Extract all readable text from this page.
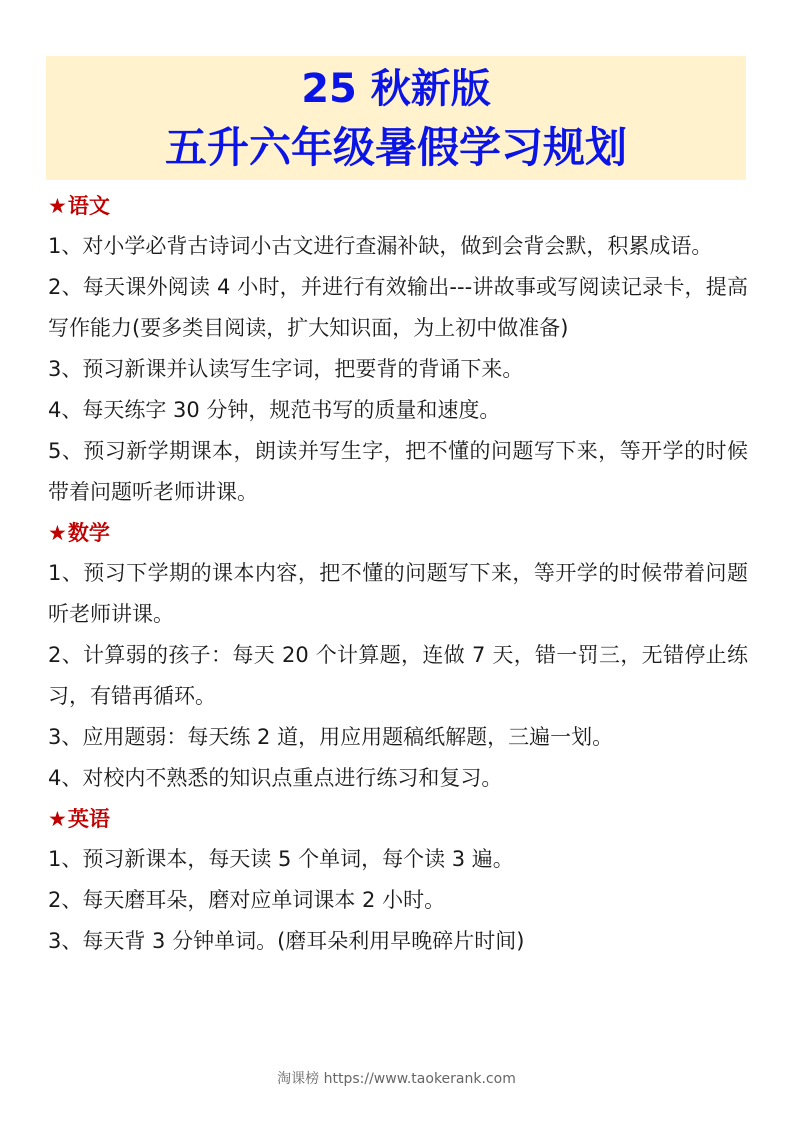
25 秋新版
五升六年级暑假学习规划
★语文
1、对小学必背古诗词小古文进行查漏补缺，做到会背会默，积累成语。
2、每天课外阅读 4 小时，并进行有效输出---讲故事或写阅读记录卡，提高写作能力(要多类目阅读，扩大知识面，为上初中做准备)
3、预习新课并认读写生字词，把要背的背诵下来。
4、每天练字 30 分钟，规范书写的质量和速度。
5、预习新学期课本，朗读并写生字，把不懂的问题写下来，等开学的时候带着问题听老师讲课。
★数学
1、预习下学期的课本内容，把不懂的问题写下来，等开学的时候带着问题听老师讲课。
2、计算弱的孩子：每天 20 个计算题，连做 7 天，错一罚三，无错停止练习，有错再循环。
3、应用题弱：每天练 2 道，用应用题稿纸解题，三遍一划。
4、对校内不熟悉的知识点重点进行练习和复习。
★英语
1、预习新课本，每天读 5 个单词，每个读 3 遍。
2、每天磨耳朵，磨对应单词课本 2 小时。
3、每天背 3 分钟单词。(磨耳朵利用早晚碎片时间)
淘课榜 https://www.taokerank.com
